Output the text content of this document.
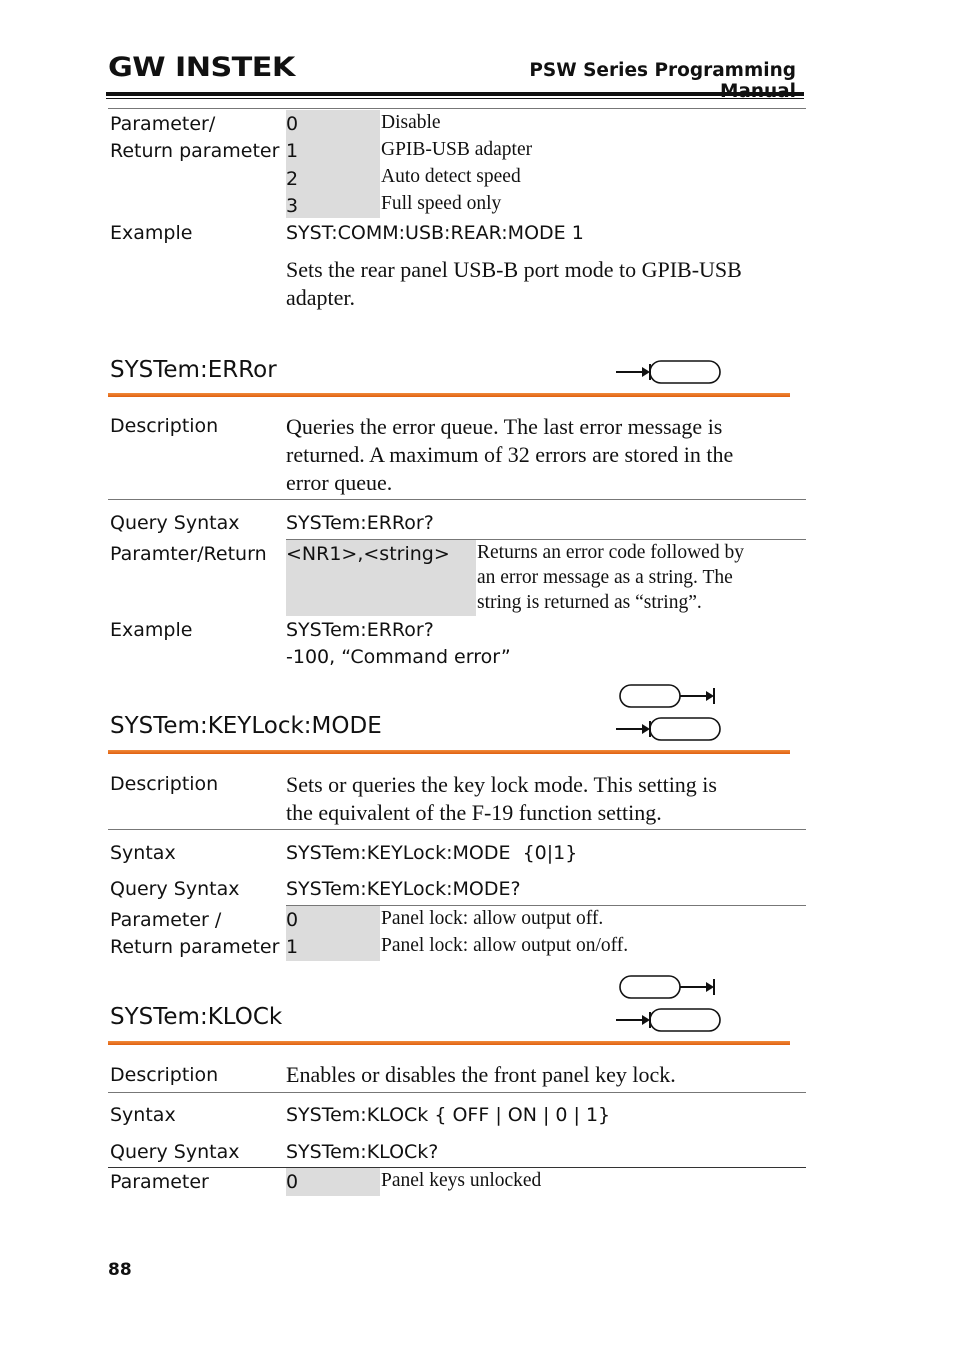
GW INSTEK	PSW Series Programming
Parameter/
Return parameter
0	Disable
1	GPIB-USB adapter
2	Auto detect speed
3	Full speed only
Example	SYST:COMM:USB:REAR:MODE 1
Sets the rear panel USB-B port mode to GPIB-USB
adapter.
SYSTem:ERRor
Description	Queries the error queue. The last error message is
returned. A maximum of 32 errors are stored in the
error queue.
Query Syntax SYSTem:ERRor?
Paramter/Return <NR1>,<string> Returns an error code followed by
an error message as a string. The
string is returned as “string”.
Example	SYSTem:ERRor?
-100, “Command error”
SYSTem:KEYLock:MODE
Description	Sets or queries the key lock mode. This setting is
the equivalent of the F-19 function setting.
Syntax	SYSTem:KEYLock:MODE  {0|1}
Query Syntax SYSTem:KEYLock:MODE?
Parameter /
Return parameter
0	Panel lock: allow output off.
1	Panel lock: allow output on/off.
SYSTem:KLOCk
Description	Enables or disables the front panel key lock.
Syntax	SYSTem:KLOCk { OFF | ON | 0 | 1}
Query Syntax SYSTem:KLOCk?
Parameter	0	Panel keys unlocked
88
